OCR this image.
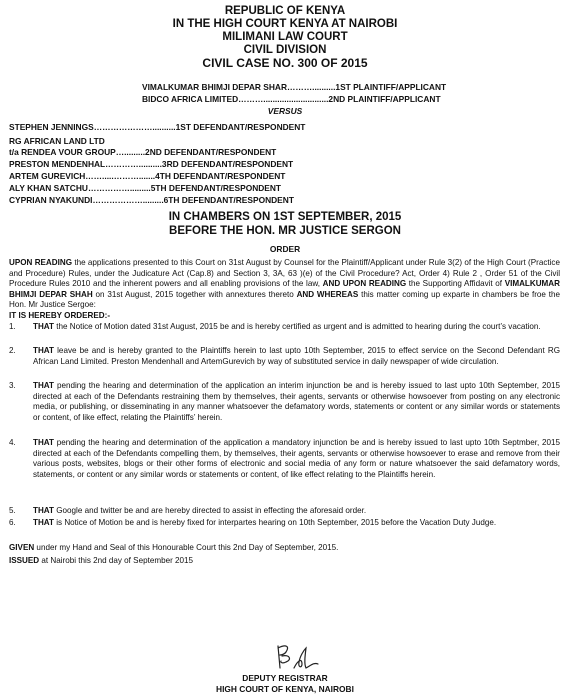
REPUBLIC OF KENYA
IN THE HIGH COURT KENYA AT NAIROBI
MILIMANI LAW COURT
CIVIL DIVISION
CIVIL CASE NO. 300 OF 2015
VIMALKUMAR BHIMJI DEPAR SHAR………..........1ST PLAINTIFF/APPLICANT
BIDCO AFRICA LIMITED………............................2ND PLAINTIFF/APPLICANT
VERSUS
STEPHEN JENNINGS…………………..........1ST DEFENDANT/RESPONDENT
RG AFRICAN LAND LTD
t/a RENDEA VOUR GROUP….........2ND DEFENDANT/RESPONDENT
PRESTON MENDENHAL…………..........3RD DEFENDANT/RESPONDENT
ARTEM GUREVICH…….....……….......4TH DEFENDANT/RESPONDENT
ALY KHAN SATCHU…………….........5TH DEFENDANT/RESPONDENT
CYPRIAN NYAKUNDI……………….........6TH DEFENDANT/RESPONDENT
IN CHAMBERS ON 1ST SEPTEMBER, 2015
BEFORE THE HON. MR JUSTICE SERGON
ORDER
UPON READING the applications presented to this Court on 31st August by Counsel for the Plaintiff/Applicant under Rule 3(2) of the High Court (Practice and Procedure) Rules, under the Judicature Act (Cap.8) and Section 3, 3A, 63 )(e) of the Civil Procedure? Act, Order 4) Rule 2 , Order 51 of the Civil Procedure Rules 2010 and the inherent powers and all enabling provisions of the law, AND UPON READING the Supporting Affidavit of VIMALKUMAR BHIMJI DEPAR SHAH on 31st August, 2015 together with annextures thereto AND WHEREAS this matter coming up exparte in chambers be froe the Hon. Mr Justice Sergoe:
IT IS HEREBY ORDERED:-
1. THAT the Notice of Motion dated 31st August, 2015 be and is hereby certified as urgent and is admitted to hearing during the court’s vacation.
2. THAT leave be and is hereby granted to the Plaintiffs herein to last upto 10th September, 2015 to effect service on the Second Defendant RG African Land Limited. Preston Mendenhall and ArtemGurevich by way of substituted service in daily newspaper of wide circulation.
3. THAT pending the hearing and determination of the application an interim injunction be and is hereby issued to last upto 10th September, 2015 directed at each of the Defendants restraining them by themselves, their agents, servants or otherwise howsoever from posting on any electronic media, or publishing, or disseminating in any manner whatsoever the defamatory words, statements or content or any similar words or statements or content, of like effect, relating the Plaintiffs’ herein.
4. THAT pending the hearing and determination of the application a mandatory injunction be and is hereby issued to last upto 10th Septmber, 2015 directed at each of the Defendants compelling them, by themselves, their agents, servants or otherwise howsoever to erase and remove from their various posts, websites, blogs or their other forms of electronic and social media of any form or nature whatsoever the said defamatory words, statements, or content or any similar words or statements or content, of like effect relating to the Plaintiffs herein.
5. THAT Google and twitter be and are hereby directed to assist in effecting the aforesaid order.
6. THAT is Notice of Motion be and is hereby fixed for interpartes hearing on 10th September, 2015 before the Vacation Duty Judge.
GIVEN under my Hand and Seal of this Honourable Court this 2nd Day of September, 2015.
ISSUED at Nairobi this 2nd day of September 2015
DEPUTY REGISTRAR
HIGH COURT OF KENYA, NAIROBI
